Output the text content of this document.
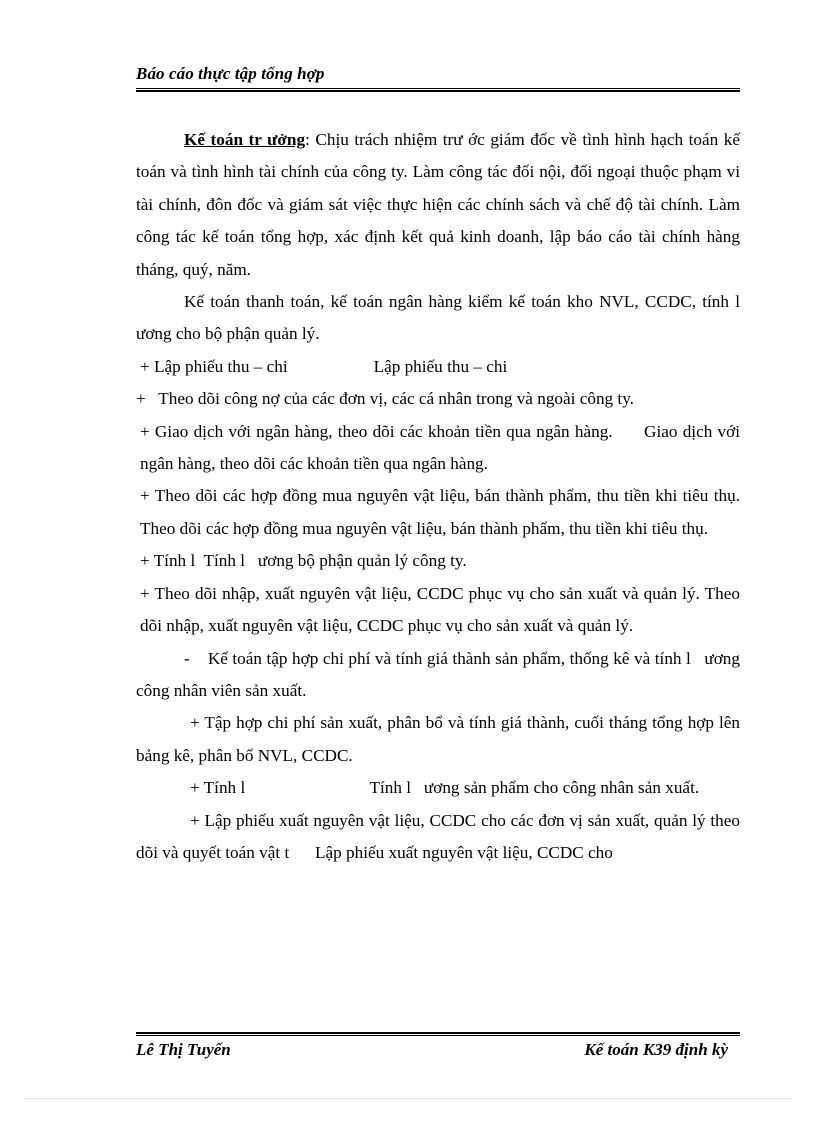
Báo cáo thực tập tổng hợp

Kế toán tr ưởng: Chịu trách nhiệm trư ớc giám đốc về tình hình hạch toán kế toán và tình hình tài chính của công ty. Làm công tác đối nội, đối ngoại thuộc phạm vi tài chính, đôn đốc và giám sát việc thực hiện các chính sách và chế độ tài chính. Làm công tác kế toán tổng hợp, xác định kết quả kinh doanh, lập báo cáo tài chính hàng tháng, quý, năm.

Kế toán thanh toán, kế toán ngân hàng kiểm kế toán kho NVL, CCDC, tính l ương cho bộ phận quản lý.

+ Lập phiếu thu – chi                    Lập phiếu thu – chi

+   Theo dõi công nợ của các đơn vị, các cá nhân trong và ngoài công ty.

+ Giao dịch với ngân hàng, theo dõi các khoản tiền qua ngân hàng.      Giao dịch với ngân hàng, theo dõi các khoản tiền qua ngân hàng.

+ Theo dõi các hợp đồng mua nguyên vật liệu, bán thành phẩm, thu tiền khi tiêu thụ. Theo dõi các hợp đồng mua nguyên vật liệu, bán thành phẩm, thu tiền khi tiêu thụ.

+ Tính l  Tính l   ương bộ phận quản lý công ty.

+ Theo dõi nhập, xuất nguyên vật liệu, CCDC phục vụ cho sản xuất và quản lý. Theo dõi nhập, xuất nguyên vật liệu, CCDC phục vụ cho sản xuất và quản lý.

-    Kế toán tập hợp chi phí và tính giá thành sản phẩm, thống kê và tính l   ương công nhân viên sản xuất.

+ Tập hợp chi phí sản xuất, phân bổ và tính giá thành, cuối tháng tổng hợp lên bảng kê, phân bổ NVL, CCDC.

+ Tính l                             Tính l   ương sản phẩm cho công nhân sản xuất.

+ Lập phiếu xuất nguyên vật liệu, CCDC cho các đơn vị sản xuất, quản lý theo dõi và quyết toán vật t      Lập phiếu xuất nguyên vật liệu, CCDC cho

Lê Thị Tuyến	Kế toán K39 định kỳ
